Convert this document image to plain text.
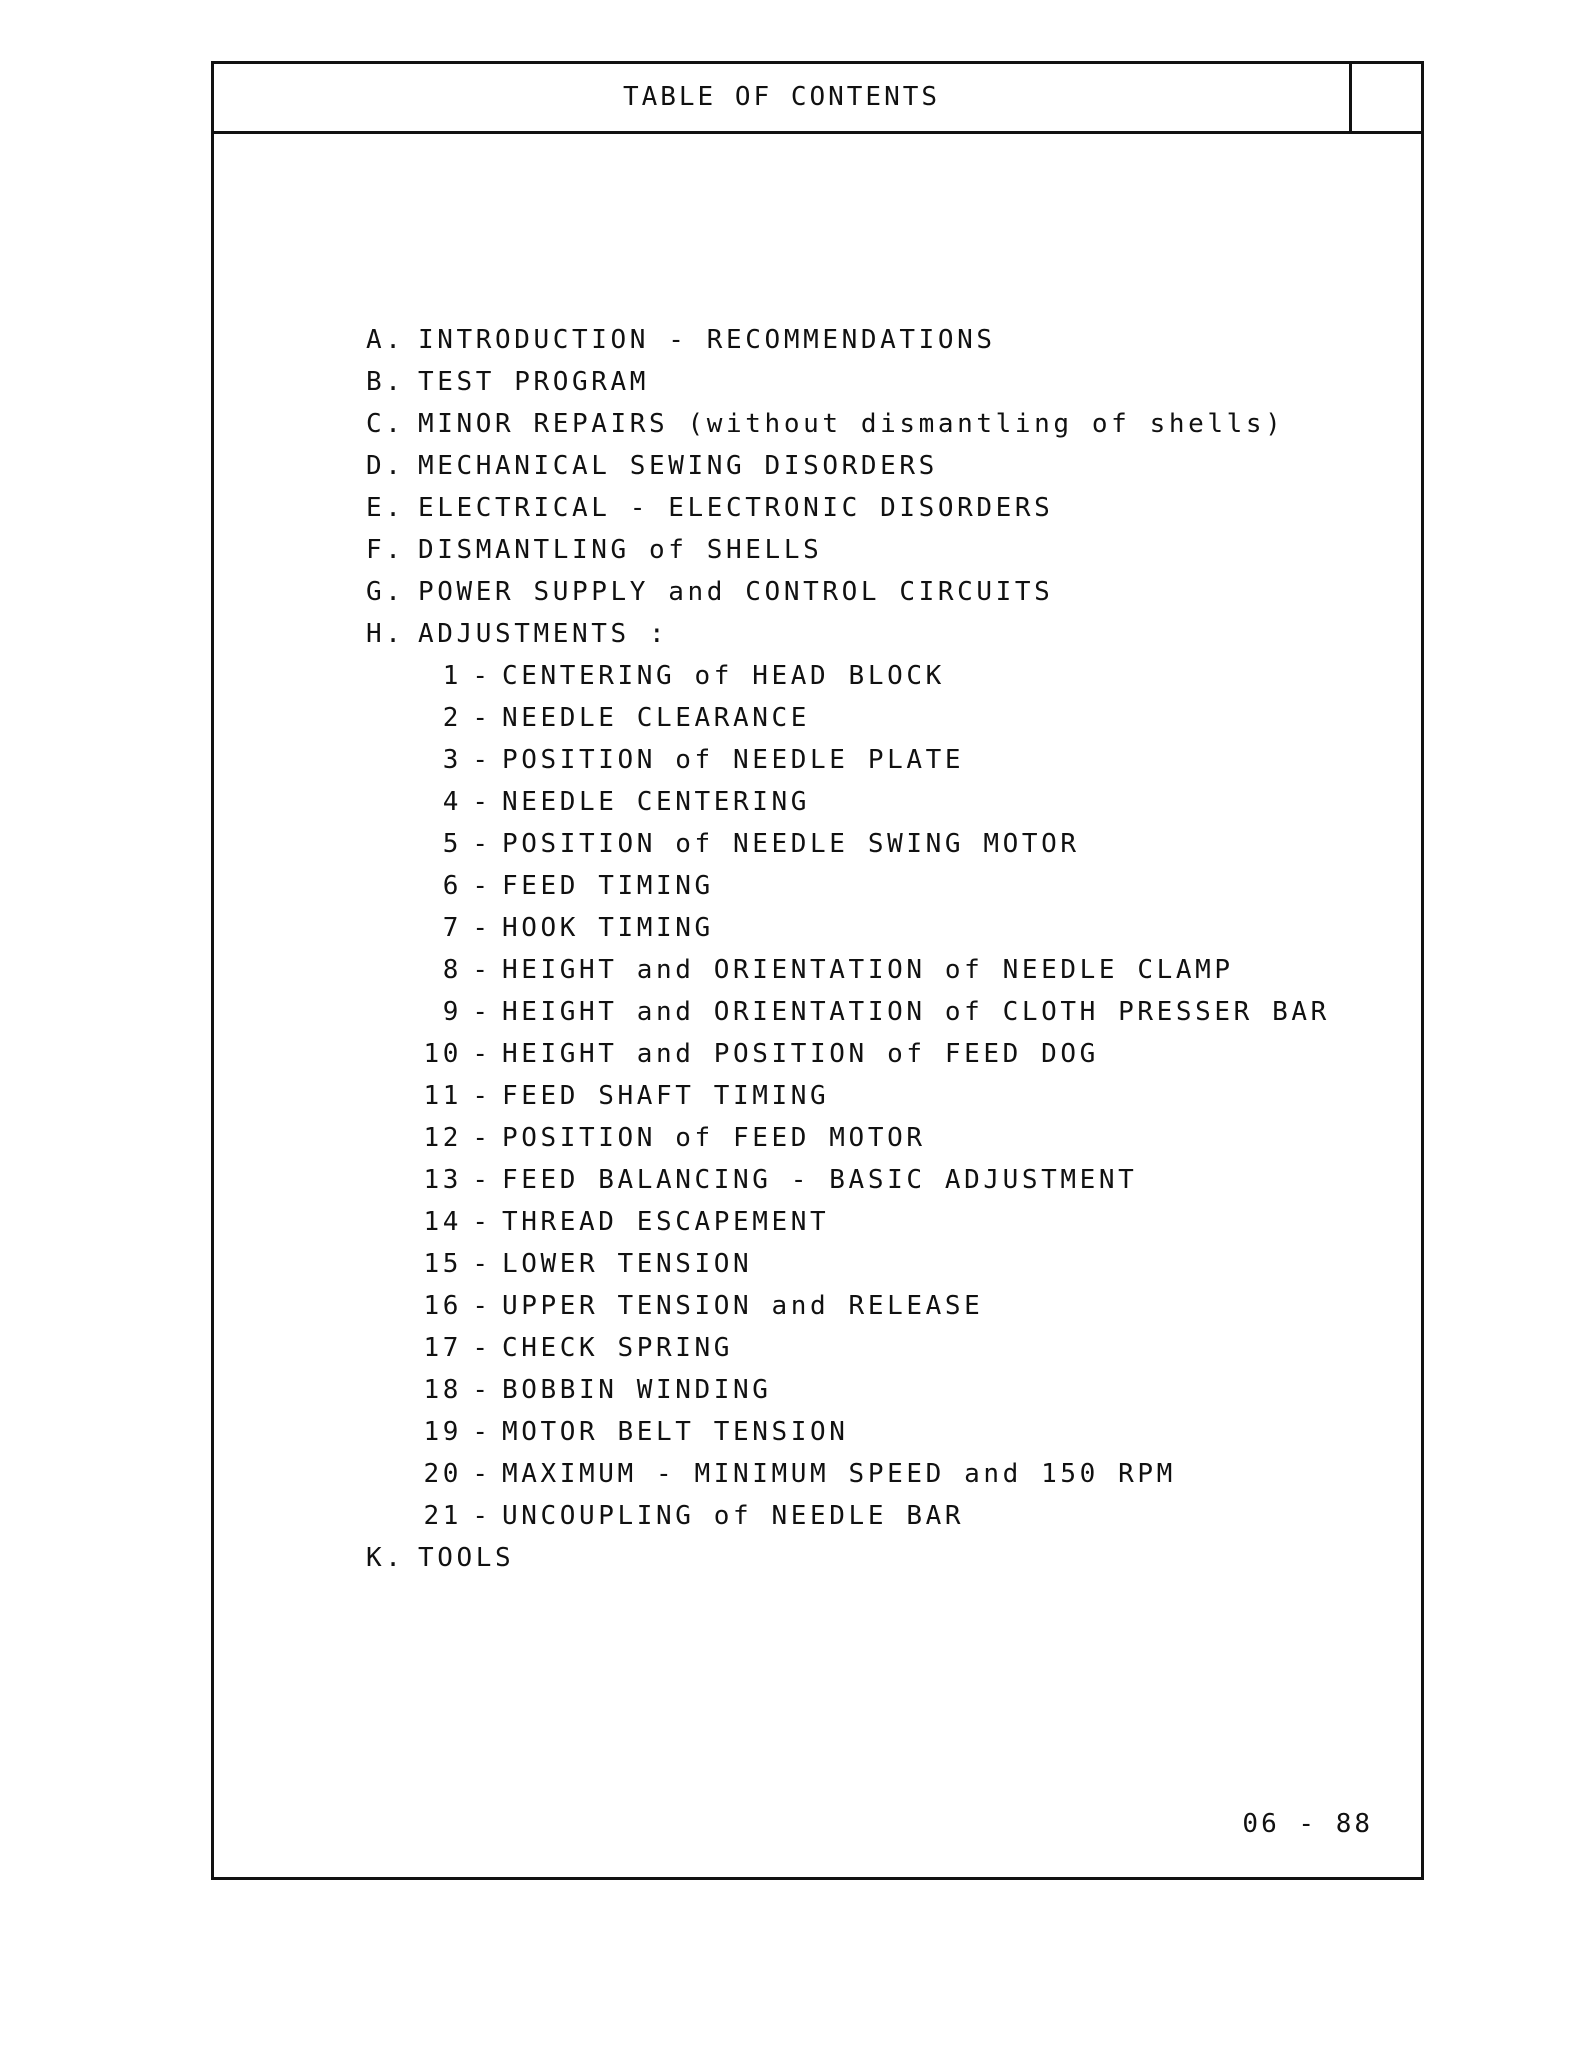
TABLE OF CONTENTS
A. INTRODUCTION - RECOMMENDATIONS
B. TEST PROGRAM
C. MINOR REPAIRS (without dismantling of shells)
D. MECHANICAL SEWING DISORDERS
E. ELECTRICAL - ELECTRONIC DISORDERS
F. DISMANTLING of SHELLS
G. POWER SUPPLY and CONTROL CIRCUITS
H. ADJUSTMENTS :
1 - CENTERING of HEAD BLOCK
2 - NEEDLE CLEARANCE
3 - POSITION of NEEDLE PLATE
4 - NEEDLE CENTERING
5 - POSITION of NEEDLE SWING MOTOR
6 - FEED TIMING
7 - HOOK TIMING
8 - HEIGHT and ORIENTATION of NEEDLE CLAMP
9 - HEIGHT and ORIENTATION of CLOTH PRESSER BAR
10 - HEIGHT and POSITION of FEED DOG
11 - FEED SHAFT TIMING
12 - POSITION of FEED MOTOR
13 - FEED BALANCING - BASIC ADJUSTMENT
14 - THREAD ESCAPEMENT
15 - LOWER TENSION
16 - UPPER TENSION and RELEASE
17 - CHECK SPRING
18 - BOBBIN WINDING
19 - MOTOR BELT TENSION
20 - MAXIMUM - MINIMUM SPEED and 150 RPM
21 - UNCOUPLING of NEEDLE BAR
K. TOOLS
06 - 88
